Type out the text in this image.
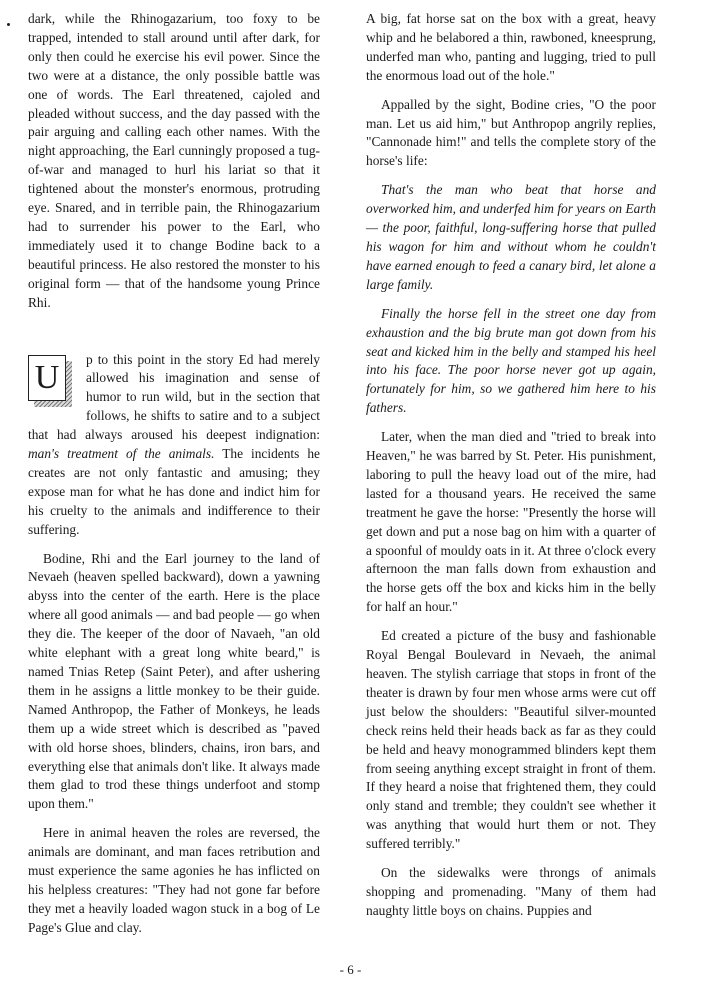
dark, while the Rhinogazarium, too foxy to be trapped, intended to stall around until after dark, for only then could he exercise his evil power. Since the two were at a distance, the only possible battle was one of words. The Earl threatened, cajoled and pleaded without success, and the day passed with the pair arguing and calling each other names. With the night approaching, the Earl cunningly proposed a tug-of-war and managed to hurl his lariat so that it tightened about the monster's enormous, protruding eye. Snared, and in terrible pain, the Rhinogazarium had to surrender his power to the Earl, who immediately used it to change Bodine back to a beautiful princess. He also restored the monster to his original form — that of the handsome young Prince Rhi.

U	p to this point in the story Ed had merely allowed his imagination and sense of humor to run wild, but in the section that follows, he shifts to satire and to a subject that had always aroused his deepest indignation: man's treatment of the animals. The incidents he creates are not only fantastic and amusing; they expose man for what he has done and indict him for his cruelty to the animals and indifference to their suffering.

Bodine, Rhi and the Earl journey to the land of Nevaeh (heaven spelled backward), down a yawning abyss into the center of the earth. Here is the place where all good animals — and bad people — go when they die. The keeper of the door of Navaeh, "an old white elephant with a great long white beard," is named Tnias Retep (Saint Peter), and after ushering them in he assigns a little monkey to be their guide. Named Anthropop, the Father of Monkeys, he leads them up a wide street which is described as "paved with old horse shoes, blinders, chains, iron bars, and everything else that animals don't like. It always made them glad to trod these things underfoot and stomp upon them."

Here in animal heaven the roles are reversed, the animals are dominant, and man faces retribution and must experience the same agonies he has inflicted on his helpless creatures: "They had not gone far before they met a heavily loaded wagon stuck in a bog of Le Page's Glue and clay.

A big, fat horse sat on the box with a great, heavy whip and he belabored a thin, rawboned, kneesprung, underfed man who, panting and lugging, tried to pull the enormous load out of the hole."

Appalled by the sight, Bodine cries, "O the poor man. Let us aid him," but Anthropop angrily replies, "Cannonade him!" and tells the complete story of the horse's life:

That's the man who beat that horse and overworked him, and underfed him for years on Earth — the poor, faithful, long-suffering horse that pulled his wagon for him and without whom he couldn't have earned enough to feed a canary bird, let alone a large family.

Finally the horse fell in the street one day from exhaustion and the big brute man got down from his seat and kicked him in the belly and stamped his heel into his face. The poor horse never got up again, fortunately for him, so we gathered him here to his fathers.

Later, when the man died and "tried to break into Heaven," he was barred by St. Peter. His punishment, laboring to pull the heavy load out of the mire, had lasted for a thousand years. He received the same treatment he gave the horse: "Presently the horse will get down and put a nose bag on him with a quarter of a spoonful of mouldy oats in it. At three o'clock every afternoon the man falls down from exhaustion and the horse gets off the box and kicks him in the belly for half an hour."

Ed created a picture of the busy and fashionable Royal Bengal Boulevard in Nevaeh, the animal heaven. The stylish carriage that stops in front of the theater is drawn by four men whose arms were cut off just below the shoulders: "Beautiful silver-mounted check reins held their heads back as far as they could be held and heavy monogrammed blinders kept them from seeing anything except straight in front of them. If they heard a noise that frightened them, they could only stand and tremble; they couldn't see whether it was anything that would hurt them or not. They suffered terribly."

On the sidewalks were throngs of animals shopping and promenading. "Many of them had naughty little boys on chains. Puppies and

- 6 -
